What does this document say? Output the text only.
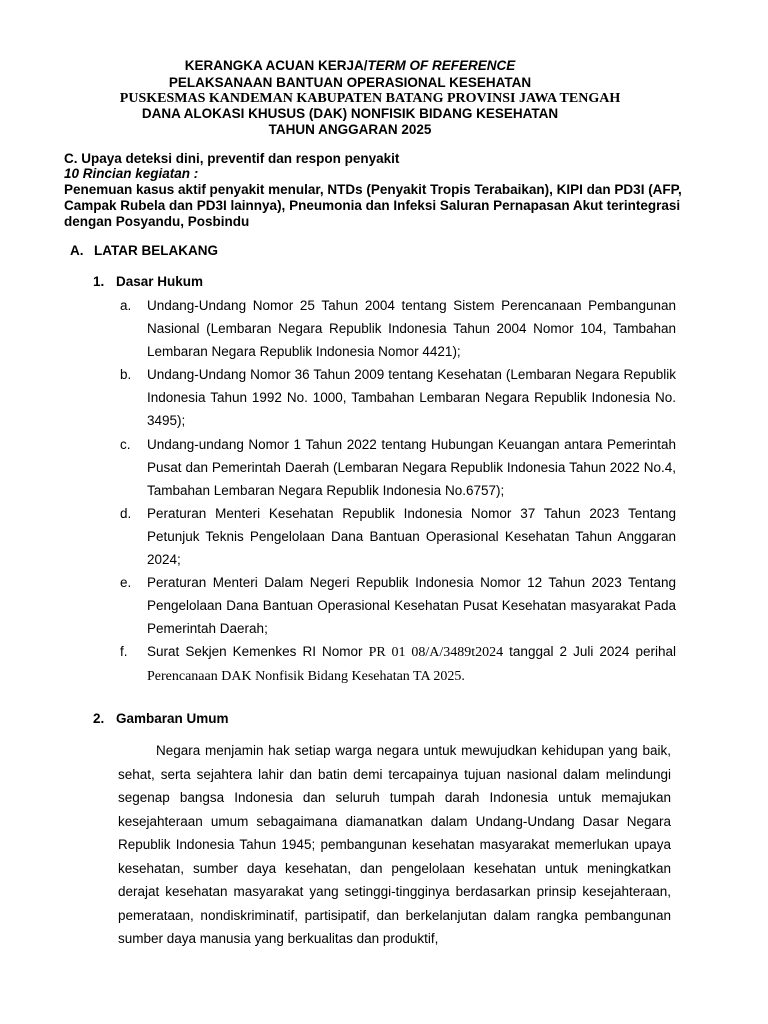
KERANGKA ACUAN KERJA/TERM OF REFERENCE
PELAKSANAAN BANTUAN OPERASIONAL KESEHATAN
PUSKESMAS KANDEMAN KABUPATEN BATANG PROVINSI JAWA TENGAH
DANA ALOKASI KHUSUS (DAK) NONFISIK BIDANG KESEHATAN
TAHUN ANGGARAN 2025
C. Upaya deteksi dini, preventif dan respon penyakit
10 Rincian kegiatan :
Penemuan kasus aktif penyakit menular, NTDs (Penyakit Tropis Terabaikan), KIPI dan PD3I (AFP, Campak Rubela dan PD3I lainnya), Pneumonia dan Infeksi Saluran Pernapasan Akut terintegrasi dengan Posyandu, Posbindu
A. LATAR BELAKANG
1. Dasar Hukum
a.	Undang-Undang Nomor 25 Tahun 2004 tentang Sistem Perencanaan Pembangunan Nasional (Lembaran Negara Republik Indonesia Tahun 2004 Nomor 104, Tambahan Lembaran Negara Republik Indonesia Nomor 4421);
b.	Undang-Undang Nomor 36 Tahun 2009 tentang Kesehatan (Lembaran Negara Republik Indonesia Tahun 1992 No. 1000, Tambahan Lembaran Negara Republik Indonesia No. 3495);
c.	Undang-undang Nomor 1 Tahun 2022 tentang Hubungan Keuangan antara Pemerintah Pusat dan Pemerintah Daerah (Lembaran Negara Republik Indonesia Tahun 2022 No.4, Tambahan Lembaran Negara Republik Indonesia No.6757);
d.	Peraturan Menteri Kesehatan Republik Indonesia Nomor 37 Tahun 2023 Tentang Petunjuk Teknis Pengelolaan Dana Bantuan Operasional Kesehatan Tahun Anggaran 2024;
e.	Peraturan Menteri Dalam Negeri Republik Indonesia Nomor 12 Tahun 2023 Tentang Pengelolaan Dana Bantuan Operasional Kesehatan Pusat Kesehatan masyarakat Pada Pemerintah Daerah;
f.	Surat Sekjen Kemenkes RI Nomor PR 01 08/A/3489t2024 tanggal 2 Juli 2024 perihal Perencanaan DAK Nonfisik Bidang Kesehatan TA 2025.
2. Gambaran Umum
Negara menjamin hak setiap warga negara untuk mewujudkan kehidupan yang baik, sehat, serta sejahtera lahir dan batin demi tercapainya tujuan nasional dalam melindungi segenap bangsa Indonesia dan seluruh tumpah darah Indonesia untuk memajukan kesejahteraan umum sebagaimana diamanatkan dalam Undang-Undang Dasar Negara Republik Indonesia Tahun 1945; pembangunan kesehatan masyarakat memerlukan upaya kesehatan, sumber daya kesehatan, dan pengelolaan kesehatan untuk meningkatkan derajat kesehatan masyarakat yang setinggi-tingginya berdasarkan prinsip kesejahteraan, pemerataan, nondiskriminatif, partisipatif, dan berkelanjutan dalam rangka pembangunan sumber daya manusia yang berkualitas dan produktif,
